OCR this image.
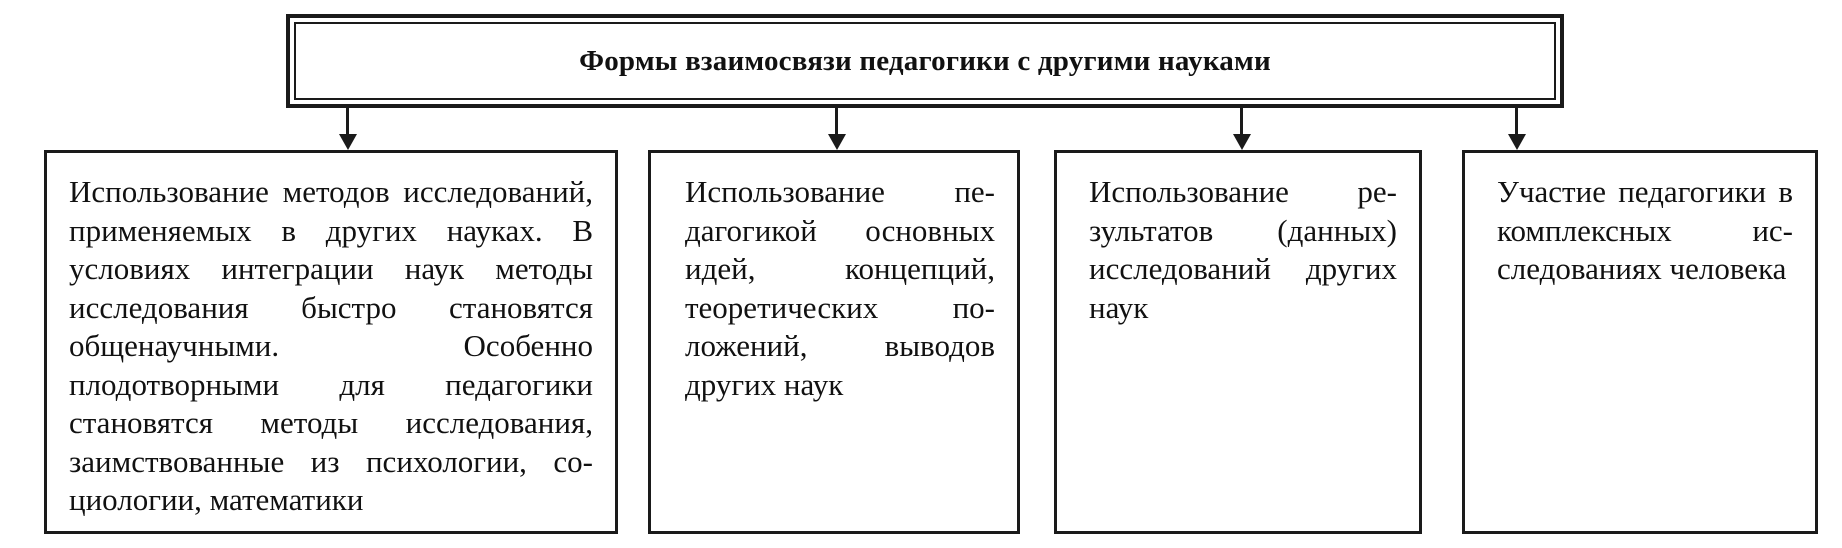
Формы взаимосвязи педагогики с другими науками
Использование методов исследований, применяемых в других науках. В условиях интеграции наук методы исследования быстро становятся общенаучными. Особенно плодотворными для педагогики становятся методы исследования, заимствованные из психологии, социологии, математики
Использование педагогикой основных идей, концепций, теоретических положений, выводов других наук
Использование результатов (данных) исследований других наук
Участие педагогики в комплексных исследованиях человека
